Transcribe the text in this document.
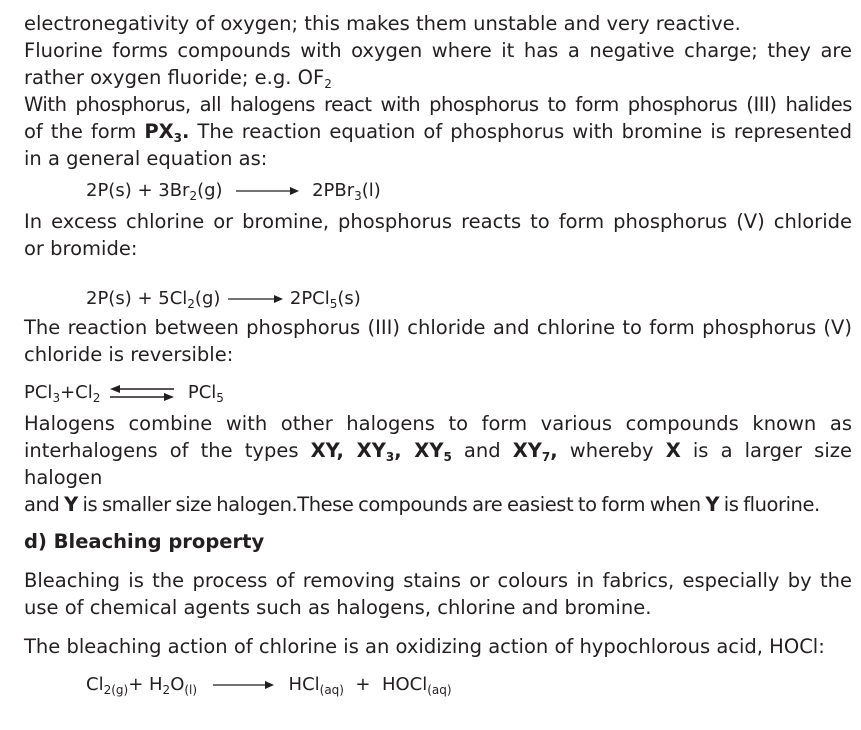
electronegativity of oxygen; this makes them unstable and very reactive.

Fluorine forms compounds with oxygen where it has a negative charge; they are

rather oxygen fluoride; e.g. $OF_2$

With phosphorus, all halogens react with phosphorus to form phosphorus (III) halides

of the form $PX_3$. The reaction equation of phosphorus with bromine is represented

in a general equation as:

$2P(s) + 3Br_2(g) \to 2PBr_3(l)$

In excess chlorine or bromine, phosphorus reacts to form phosphorus (V) chloride

or bromide:

$2P(s) + 5Cl_2(g) \to 2PCl_5(s)$

The reaction between phosphorus (III) chloride and chlorine to form phosphorus (V)

chloride is reversible:

$PCl_3+Cl_2$ ⇌ PCl$_5$

Halogens combine with other halogens to form various compounds known as

interhalogens of the types XY, $XY_3$, $XY_5$ and $XY_7$, whereby X is a larger size halogen

and Y is smaller size halogen.These compounds are easiest to form when Y is fluorine.

d) Bleaching property

Bleaching is the process of removing stains or colours in fabrics, especially by the

use of chemical agents such as halogens, chlorine and bromine.

The bleaching action of chlorine is an oxidizing action of hypochlorous acid, HOCl:

$Cl_{2(g)}+ H_2O_{(l)} \to HCl_{(aq)}$  +  HOCl$_{(aq)}$
